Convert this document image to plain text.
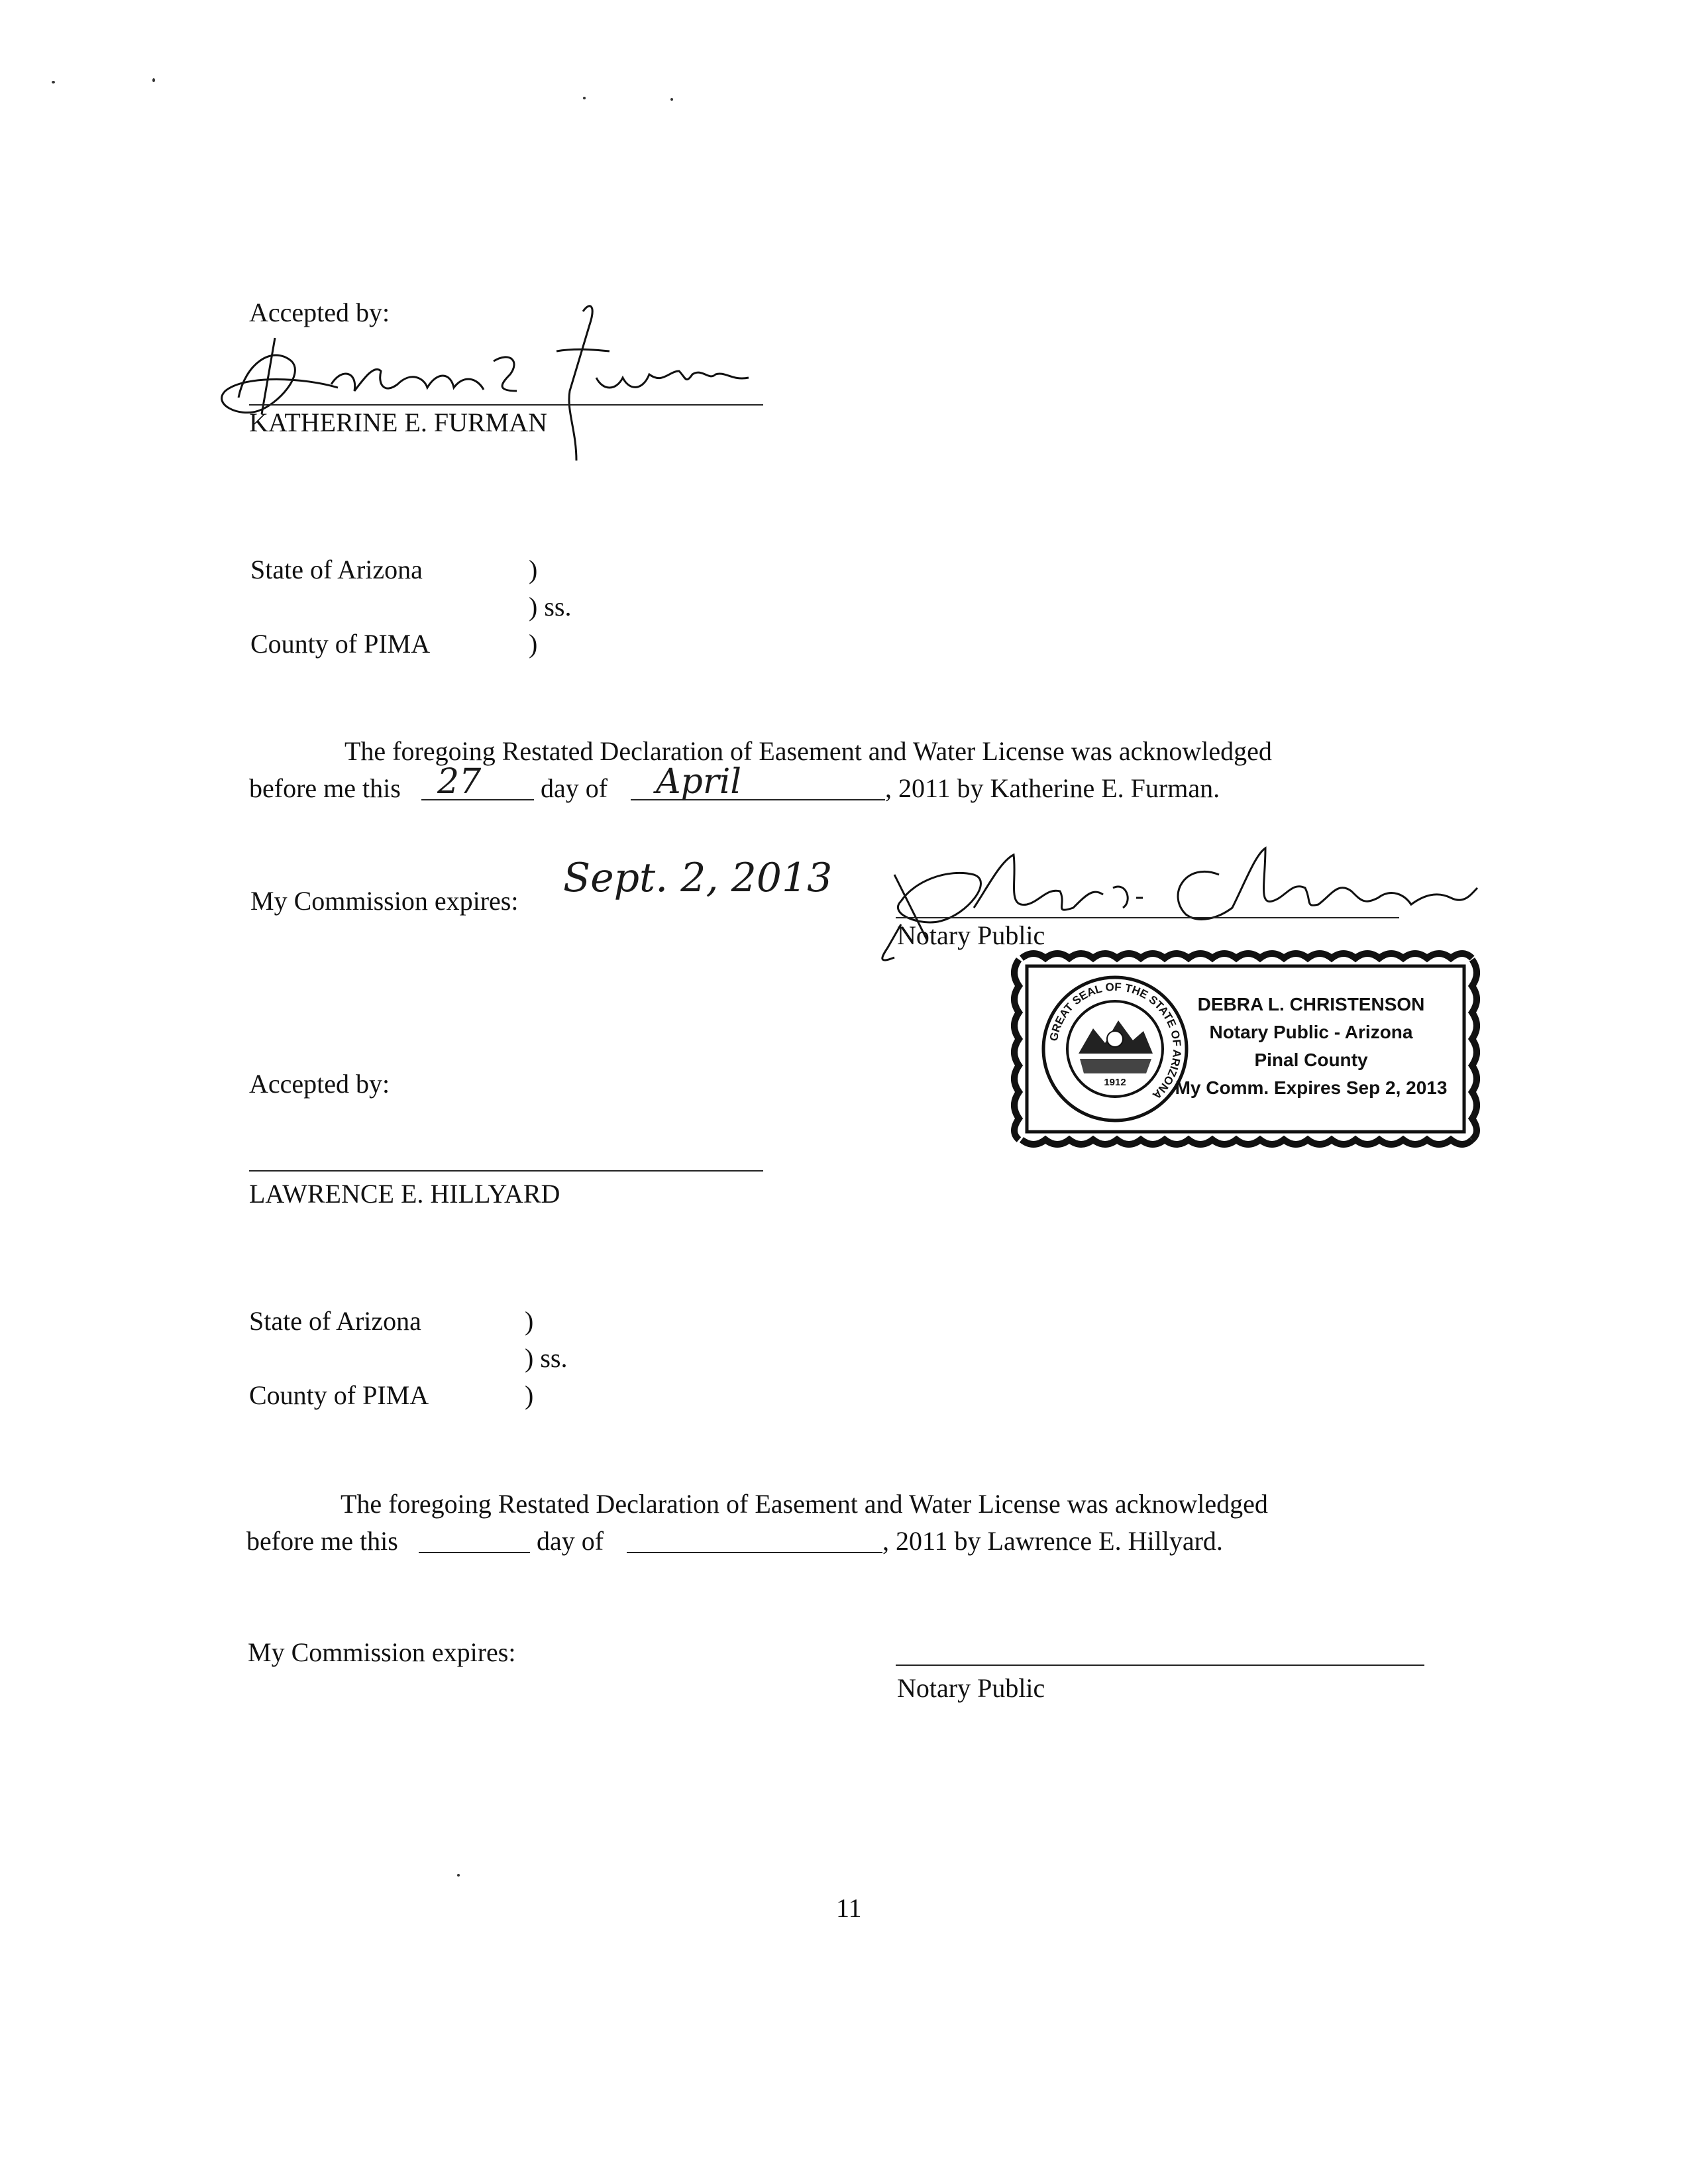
Accepted by:
KATHERINE E. FURMAN
State of Arizona	)
) ss.
County of PIMA	)
The foregoing Restated Declaration of Easement and Water License was acknowledged
before me this 27 day of April	, 2011 by Katherine E. Furman.
My Commission expires: Sept. 2, 2013
Notary Public
GREAT SEAL OF THE STATE OF ARIZONA
1912
DEBRA L. CHRISTENSON
Notary Public - Arizona
Pinal County
My Comm. Expires Sep 2, 2013
Accepted by:
LAWRENCE E. HILLYARD
State of Arizona	)
) ss.
County of PIMA	)
The foregoing Restated Declaration of Easement and Water License was acknowledged
before me this	day of	, 2011 by Lawrence E. Hillyard.
My Commission expires:
Notary Public
11
